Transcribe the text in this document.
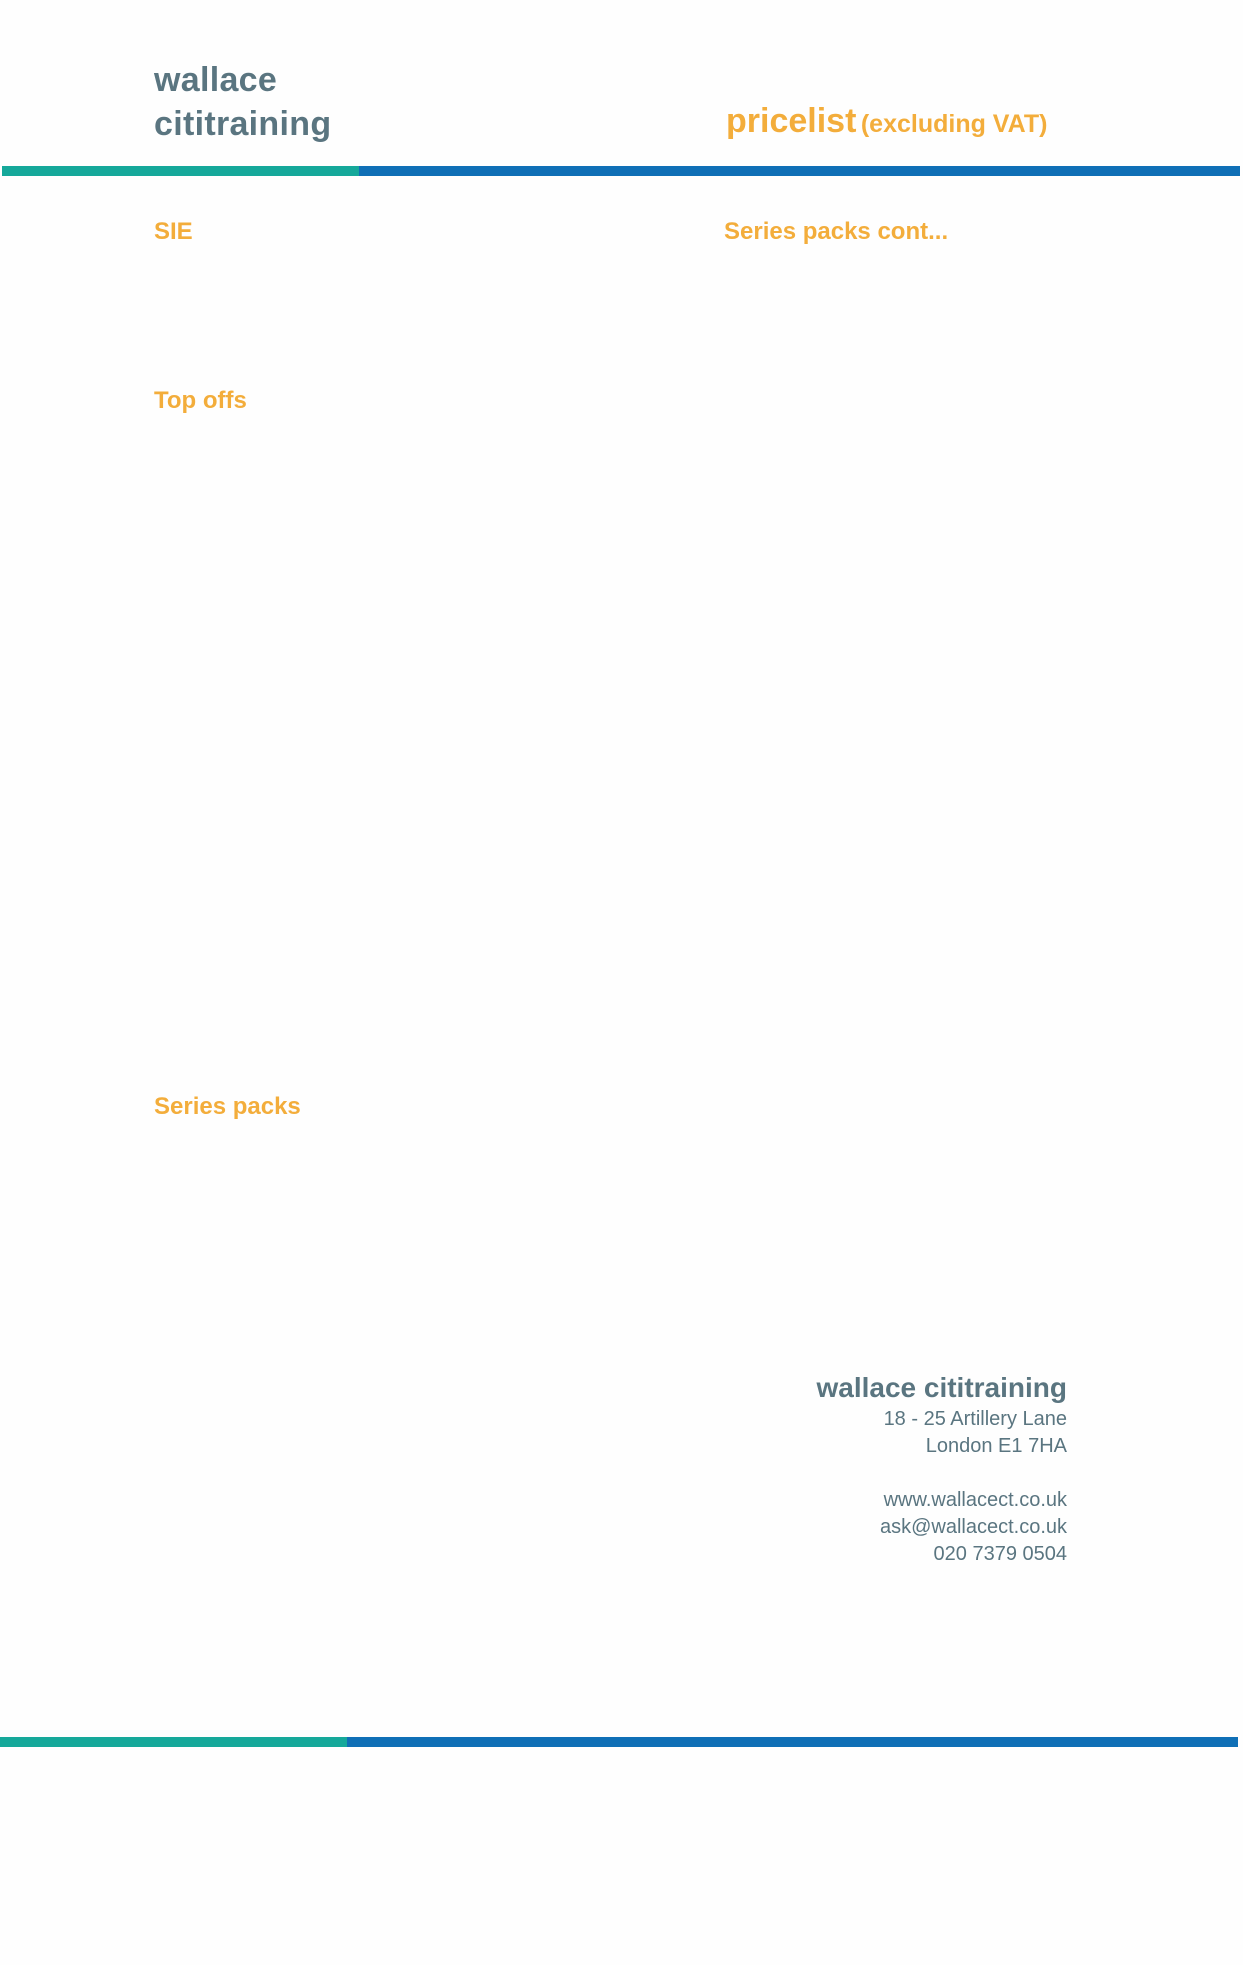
wallace
cititraining	pricelist (excluding VAT)
SIE	Series packs cont...
Top offs
Series packs
wallace cititraining
18 - 25 Artillery Lane
London E1 7HA
www.wallacect.co.uk
ask@wallacect.co.uk
020 7379 0504
